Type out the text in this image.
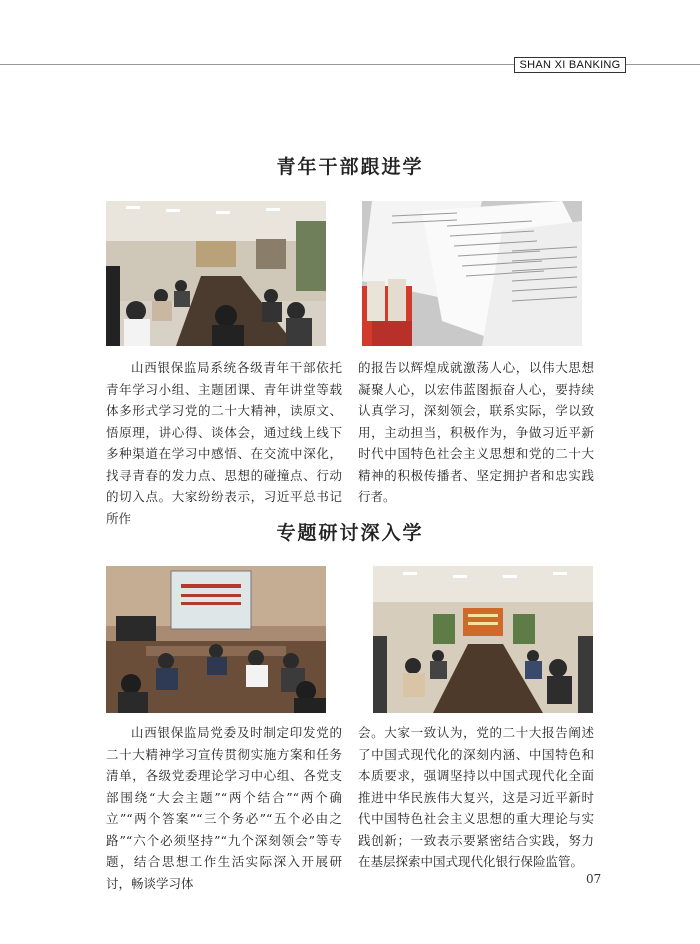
SHAN XI BANKING
青年干部跟进学
山西银保监局系统各级青年干部依托青年学习小组、主题团课、青年讲堂等载体多形式学习党的二十大精神，读原文、悟原理，讲心得、谈体会，通过线上线下多种渠道在学习中感悟、在交流中深化，找寻青春的发力点、思想的碰撞点、行动的切入点。大家纷纷表示，习近平总书记所作
的报告以辉煌成就激荡人心，以伟大思想凝聚人心，以宏伟蓝图振奋人心，要持续认真学习，深刻领会，联系实际，学以致用，主动担当，积极作为，争做习近平新时代中国特色社会主义思想和党的二十大精神的积极传播者、坚定拥护者和忠实践行者。
专题研讨深入学
山西银保监局党委及时制定印发党的二十大精神学习宣传贯彻实施方案和任务清单，各级党委理论学习中心组、各党支部围绕“大会主题”“两个结合”“两个确立”“两个答案”“三个务必”“五个必由之路”“六个必须坚持”“九个深刻领会”等专题，结合思想工作生活实际深入开展研讨，畅谈学习体
会。大家一致认为，党的二十大报告阐述了中国式现代化的深刻内涵、中国特色和本质要求，强调坚持以中国式现代化全面推进中华民族伟大复兴，这是习近平新时代中国特色社会主义思想的重大理论与实践创新；一致表示要紧密结合实践，努力在基层探索中国式现代化银行保险监管。
07
